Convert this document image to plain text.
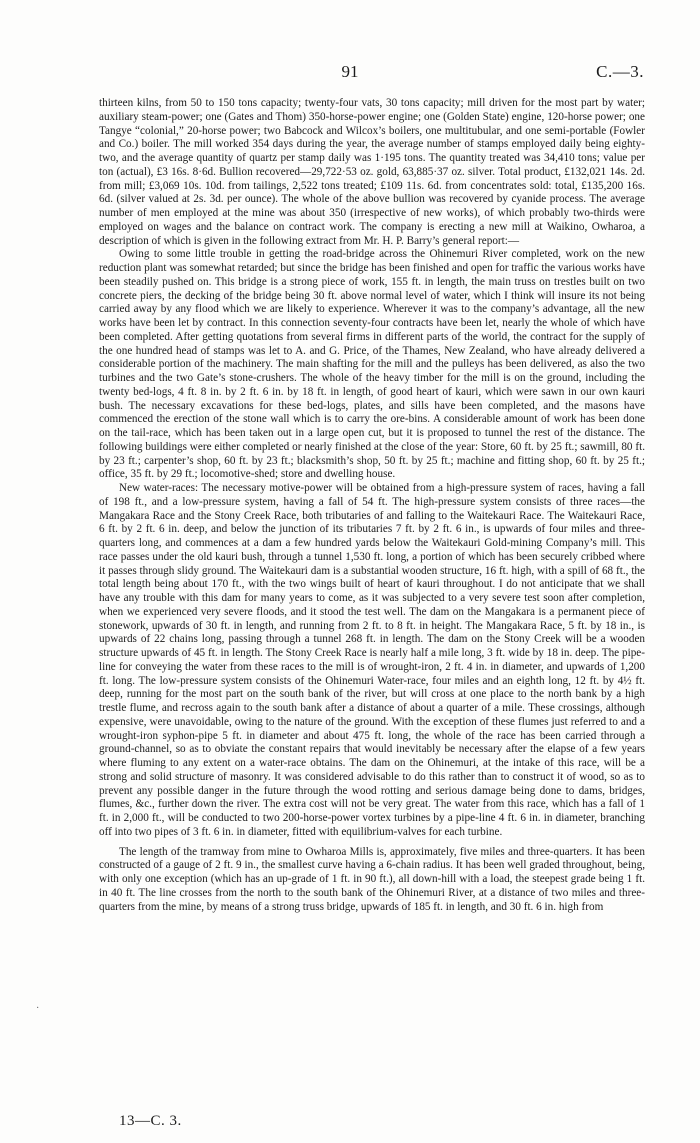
91	C.—3.

thirteen kilns, from 50 to 150 tons capacity; twenty-four vats, 30 tons capacity; mill driven for the most part by water; auxiliary steam-power; one (Gates and Thom) 350-horse-power engine; one (Golden State) engine, 120-horse power; one Tangye “colonial,” 20-horse power; two Babcock and Wilcox’s boilers, one multitubular, and one semi-portable (Fowler and Co.) boiler. The mill worked 354 days during the year, the average number of stamps employed daily being eighty-two, and the average quantity of quartz per stamp daily was 1·195 tons. The quantity treated was 34,410 tons; value per ton (actual), £3 16s. 8·6d. Bullion recovered—29,722·53 oz. gold, 63,885·37 oz. silver. Total product, £132,021 14s. 2d. from mill; £3,069 10s. 10d. from tailings, 2,522 tons treated; £109 11s. 6d. from concentrates sold: total, £135,200 16s. 6d. (silver valued at 2s. 3d. per ounce). The whole of the above bullion was recovered by cyanide process. The average number of men employed at the mine was about 350 (irrespective of new works), of which probably two-thirds were employed on wages and the balance on contract work. The company is erecting a new mill at Waikino, Owharoa, a description of which is given in the following extract from Mr. H. P. Barry’s general report:—

Owing to some little trouble in getting the road-bridge across the Ohinemuri River completed, work on the new reduction plant was somewhat retarded; but since the bridge has been finished and open for traffic the various works have been steadily pushed on. This bridge is a strong piece of work, 155 ft. in length, the main truss on trestles built on two concrete piers, the decking of the bridge being 30 ft. above normal level of water, which I think will insure its not being carried away by any flood which we are likely to experience. Wherever it was to the company’s advantage, all the new works have been let by contract. In this connection seventy-four contracts have been let, nearly the whole of which have been completed. After getting quotations from several firms in different parts of the world, the contract for the supply of the one hundred head of stamps was let to A. and G. Price, of the Thames, New Zealand, who have already delivered a considerable portion of the machinery. The main shafting for the mill and the pulleys has been delivered, as also the two turbines and the two Gate’s stone-crushers. The whole of the heavy timber for the mill is on the ground, including the twenty bed-logs, 4 ft. 8 in. by 2 ft. 6 in. by 18 ft. in length, of good heart of kauri, which were sawn in our own kauri bush. The necessary excavations for these bed-logs, plates, and sills have been completed, and the masons have commenced the erection of the stone wall which is to carry the ore-bins. A considerable amount of work has been done on the tail-race, which has been taken out in a large open cut, but it is proposed to tunnel the rest of the distance. The following buildings were either completed or nearly finished at the close of the year: Store, 60 ft. by 25 ft.; sawmill, 80 ft. by 23 ft.; carpenter’s shop, 60 ft. by 23 ft.; blacksmith’s shop, 50 ft. by 25 ft.; machine and fitting shop, 60 ft. by 25 ft.; office, 35 ft. by 29 ft.; locomotive-shed; store and dwelling house.

New water-races: The necessary motive-power will be obtained from a high-pressure system of races, having a fall of 198 ft., and a low-pressure system, having a fall of 54 ft. The high-pressure system consists of three races—the Mangakara Race and the Stony Creek Race, both tributaries of and falling to the Waitekauri Race. The Waitekauri Race, 6 ft. by 2 ft. 6 in. deep, and below the junction of its tributaries 7 ft. by 2 ft. 6 in., is upwards of four miles and three-quarters long, and commences at a dam a few hundred yards below the Waitekauri Gold-mining Company’s mill. This race passes under the old kauri bush, through a tunnel 1,530 ft. long, a portion of which has been securely cribbed where it passes through slidy ground. The Waitekauri dam is a substantial wooden structure, 16 ft. high, with a spill of 68 ft., the total length being about 170 ft., with the two wings built of heart of kauri throughout. I do not anticipate that we shall have any trouble with this dam for many years to come, as it was subjected to a very severe test soon after completion, when we experienced very severe floods, and it stood the test well. The dam on the Mangakara is a permanent piece of stonework, upwards of 30 ft. in length, and running from 2 ft. to 8 ft. in height. The Mangakara Race, 5 ft. by 18 in., is upwards of 22 chains long, passing through a tunnel 268 ft. in length. The dam on the Stony Creek will be a wooden structure upwards of 45 ft. in length. The Stony Creek Race is nearly half a mile long, 3 ft. wide by 18 in. deep. The pipe-line for conveying the water from these races to the mill is of wrought-iron, 2 ft. 4 in. in diameter, and upwards of 1,200 ft. long. The low-pressure system consists of the Ohinemuri Water-race, four miles and an eighth long, 12 ft. by 4½ ft. deep, running for the most part on the south bank of the river, but will cross at one place to the north bank by a high trestle flume, and recross again to the south bank after a distance of about a quarter of a mile. These crossings, although expensive, were unavoidable, owing to the nature of the ground. With the exception of these flumes just referred to and a wrought-iron syphon-pipe 5 ft. in diameter and about 475 ft. long, the whole of the race has been carried through a ground-channel, so as to obviate the constant repairs that would inevitably be necessary after the elapse of a few years where fluming to any extent on a water-race obtains. The dam on the Ohinemuri, at the intake of this race, will be a strong and solid structure of masonry. It was considered advisable to do this rather than to construct it of wood, so as to prevent any possible danger in the future through the wood rotting and serious damage being done to dams, bridges, flumes, &c., further down the river. The extra cost will not be very great. The water from this race, which has a fall of 1 ft. in 2,000 ft., will be conducted to two 200-horse-power vortex turbines by a pipe-line 4 ft. 6 in. in diameter, branching off into two pipes of 3 ft. 6 in. in diameter, fitted with equilibrium-valves for each turbine.

The length of the tramway from mine to Owharoa Mills is, approximately, five miles and three-quarters. It has been constructed of a gauge of 2 ft. 9 in., the smallest curve having a 6-chain radius. It has been well graded throughout, being, with only one exception (which has an up-grade of 1 ft. in 90 ft.), all down-hill with a load, the steepest grade being 1 ft. in 40 ft. The line crosses from the north to the south bank of the Ohinemuri River, at a distance of two miles and three-quarters from the mine, by means of a strong truss bridge, upwards of 185 ft. in length, and 30 ft. 6 in. high from

·
13—C. 3.
